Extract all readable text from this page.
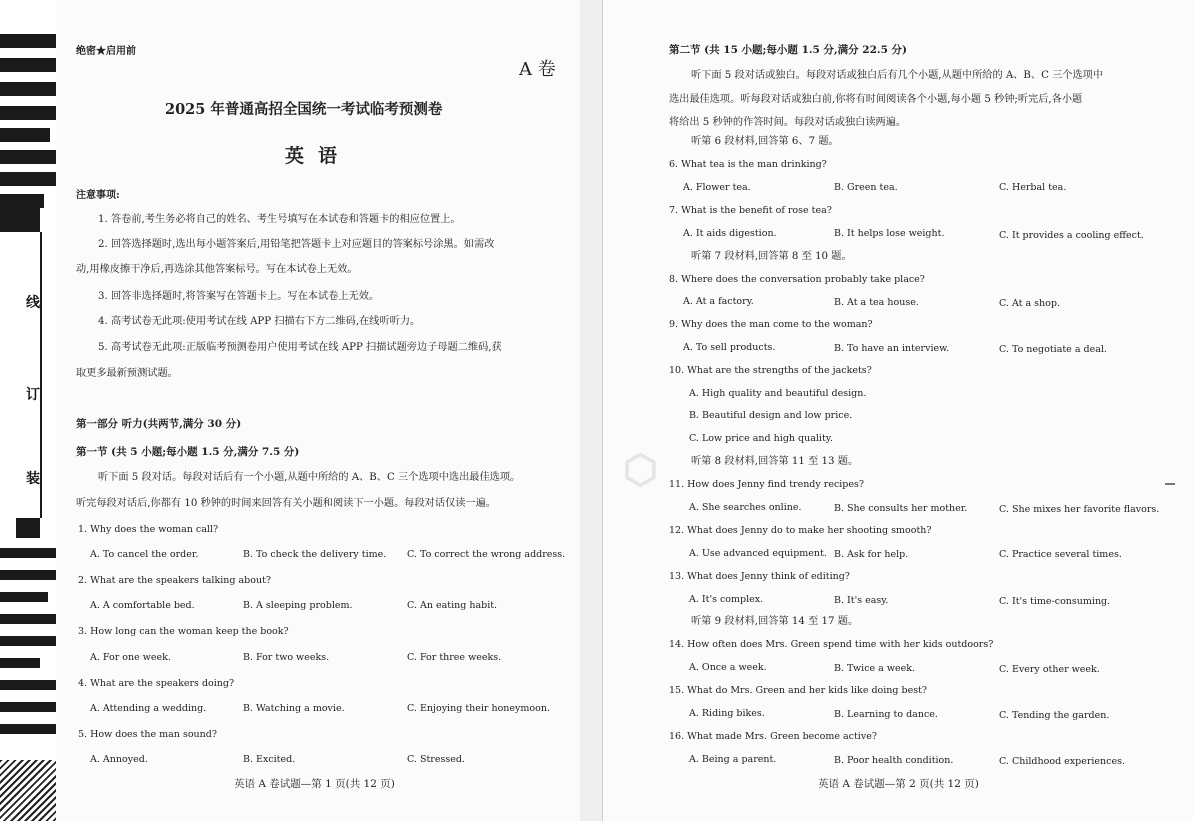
线
订
装
绝密★启用前
A 卷
2025 年普通高招全国统一考试临考预测卷
英语
注意事项:
1. 答卷前,考生务必将自己的姓名、考生号填写在本试卷和答题卡的相应位置上。
2. 回答选择题时,选出每小题答案后,用铅笔把答题卡上对应题目的答案标号涂黑。如需改
动,用橡皮擦干净后,再选涂其他答案标号。写在本试卷上无效。
3. 回答非选择题时,将答案写在答题卡上。写在本试卷上无效。
4. 高考试卷无此项:使用考试在线 APP 扫描右下方二维码,在线听听力。
5. 高考试卷无此项:正版临考预测卷用户使用考试在线 APP 扫描试题旁边子母题二维码,获
取更多最新预测试题。
第一部分 听力(共两节,满分 30 分)
第一节 (共 5 小题;每小题 1.5 分,满分 7.5 分)
听下面 5 段对话。每段对话后有一个小题,从题中所给的 A、B、C 三个选项中选出最佳选项。
听完每段对话后,你都有 10 秒钟的时间来回答有关小题和阅读下一小题。每段对话仅读一遍。
1. Why does the woman call?
A. To cancel the order.	B. To check the delivery time. C. To correct the wrong address.
2. What are the speakers talking about?
A. A comfortable bed.	B. A sleeping problem.	C. An eating habit.
3. How long can the woman keep the book?
A. For one week.	B. For two weeks.	C. For three weeks.
4. What are the speakers doing?
A. Attending a wedding.	B. Watching a movie.	C. Enjoying their honeymoon.
5. How does the man sound?
A. Annoyed.	B. Excited.	C. Stressed.
英语 A 卷试题—第 1 页(共 12 页)
⬡
第二节 (共 15 小题;每小题 1.5 分,满分 22.5 分)
听下面 5 段对话或独白。每段对话或独白后有几个小题,从题中所给的 A、B、C 三个选项中
选出最佳选项。听每段对话或独白前,你将有时间阅读各个小题,每小题 5 秒钟;听完后,各小题
将给出 5 秒钟的作答时间。每段对话或独白读两遍。
听第 6 段材料,回答第 6、7 题。
6. What tea is the man drinking?
A. Flower tea.	B. Green tea.	C. Herbal tea.
7. What is the benefit of rose tea?
A. It aids digestion.	B. It helps lose weight.	C. It provides a cooling effect.
听第 7 段材料,回答第 8 至 10 题。
8. Where does the conversation probably take place?
A. At a factory.	B. At a tea house.	C. At a shop.
9. Why does the man come to the woman?
A. To sell products.	B. To have an interview.	C. To negotiate a deal.
10. What are the strengths of the jackets?
A. High quality and beautiful design.
B. Beautiful design and low price.
C. Low price and high quality.
听第 8 段材料,回答第 11 至 13 题。
11. How does Jenny find trendy recipes?
A. She searches online.	B. She consults her mother.	C. She mixes her favorite flavors.
12. What does Jenny do to make her shooting smooth?
A. Use advanced equipment. B. Ask for help.	C. Practice several times.
13. What does Jenny think of editing?
A. It's complex.	B. It's easy.	C. It's time-consuming.
听第 9 段材料,回答第 14 至 17 题。
14. How often does Mrs. Green spend time with her kids outdoors?
A. Once a week.	B. Twice a week.	C. Every other week.
15. What do Mrs. Green and her kids like doing best?
A. Riding bikes.	B. Learning to dance.	C. Tending the garden.
16. What made Mrs. Green become active?
A. Being a parent.	B. Poor health condition.	C. Childhood experiences.
英语 A 卷试题—第 2 页(共 12 页)
